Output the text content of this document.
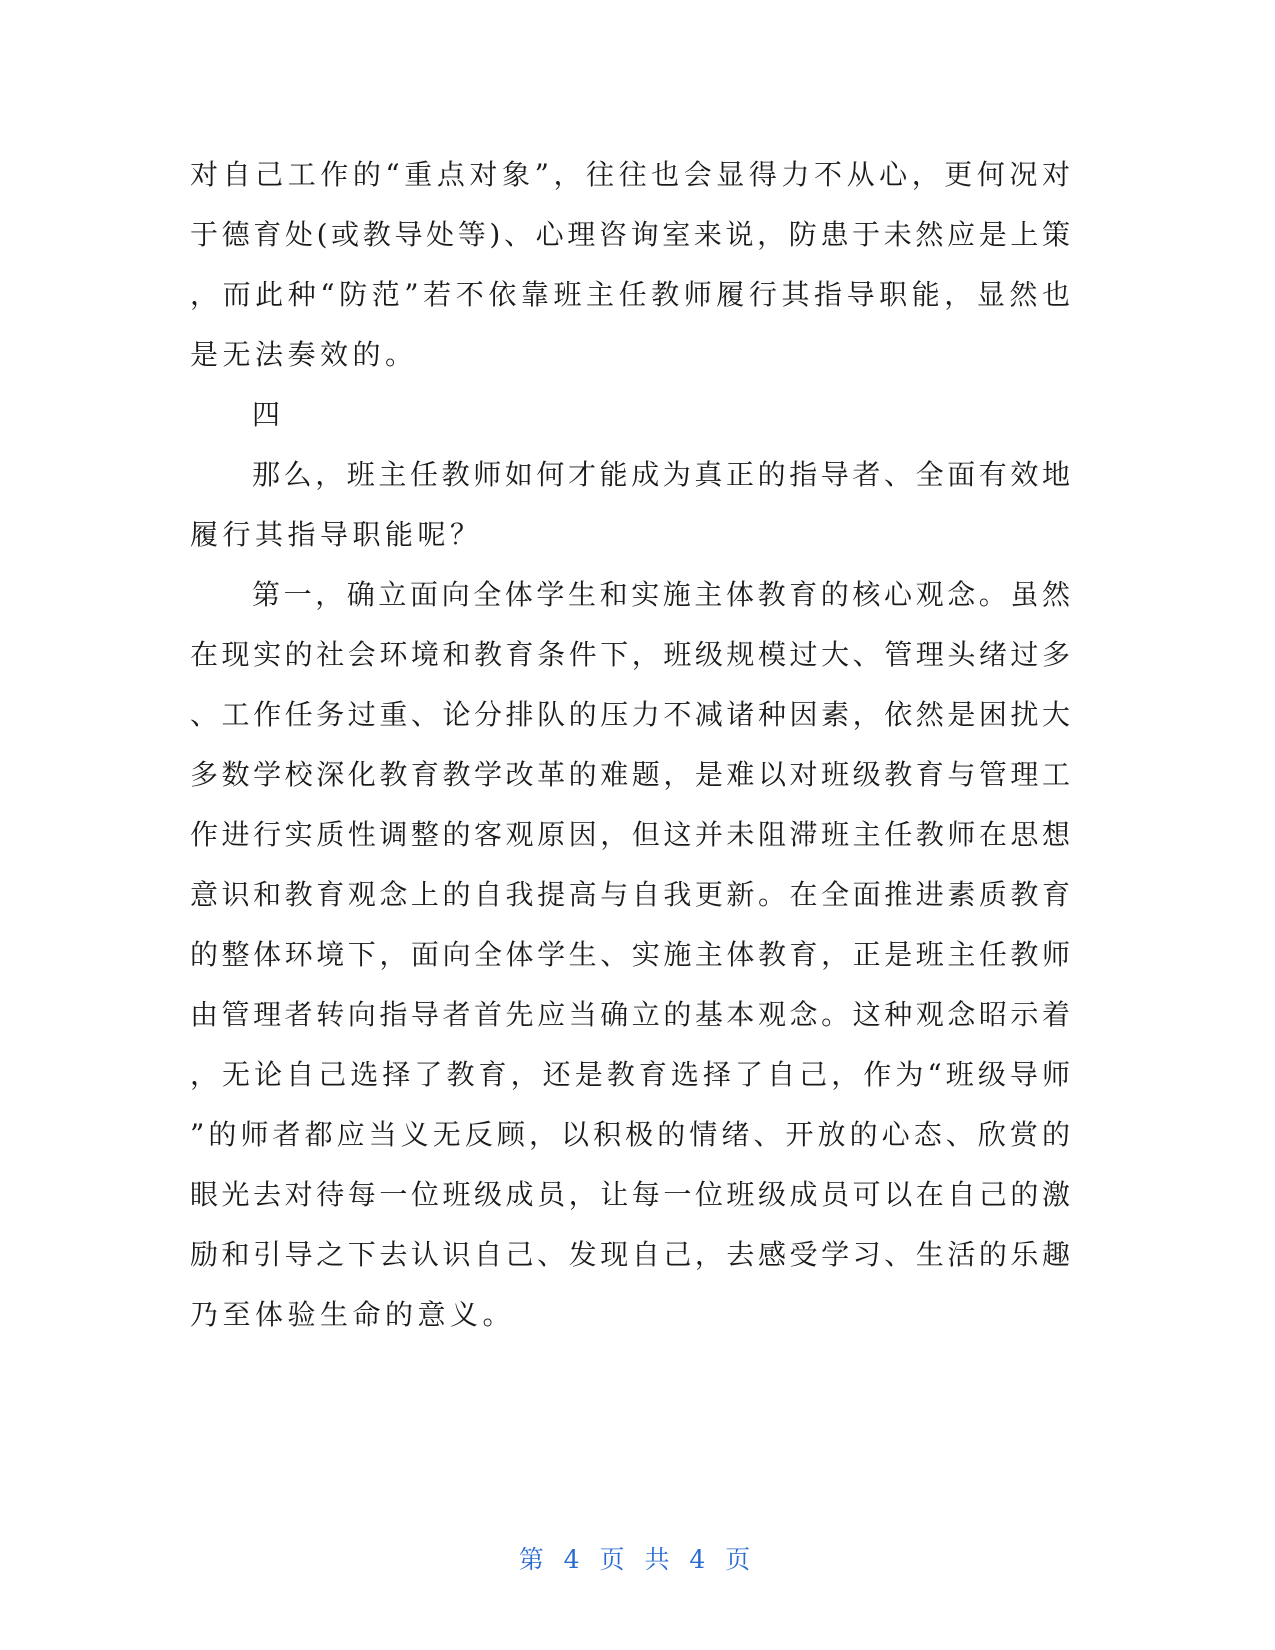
对自己工作的“重点对象”，往往也会显得力不从心，更何况对
于德育处(或教导处等)、心理咨询室来说，防患于未然应是上策
，而此种“防范”若不依靠班主任教师履行其指导职能，显然也
是无法奏效的。
四
那么，班主任教师如何才能成为真正的指导者、全面有效地
履行其指导职能呢？
第一，确立面向全体学生和实施主体教育的核心观念。虽然
在现实的社会环境和教育条件下，班级规模过大、管理头绪过多
、工作任务过重、论分排队的压力不减诸种因素，依然是困扰大
多数学校深化教育教学改革的难题，是难以对班级教育与管理工
作进行实质性调整的客观原因，但这并未阻滞班主任教师在思想
意识和教育观念上的自我提高与自我更新。在全面推进素质教育
的整体环境下，面向全体学生、实施主体教育，正是班主任教师
由管理者转向指导者首先应当确立的基本观念。这种观念昭示着
，无论自己选择了教育，还是教育选择了自己，作为“班级导师
”的师者都应当义无反顾，以积极的情绪、开放的心态、欣赏的
眼光去对待每一位班级成员，让每一位班级成员可以在自己的激
励和引导之下去认识自己、发现自己，去感受学习、生活的乐趣
乃至体验生命的意义。
第 4 页 共 4 页
